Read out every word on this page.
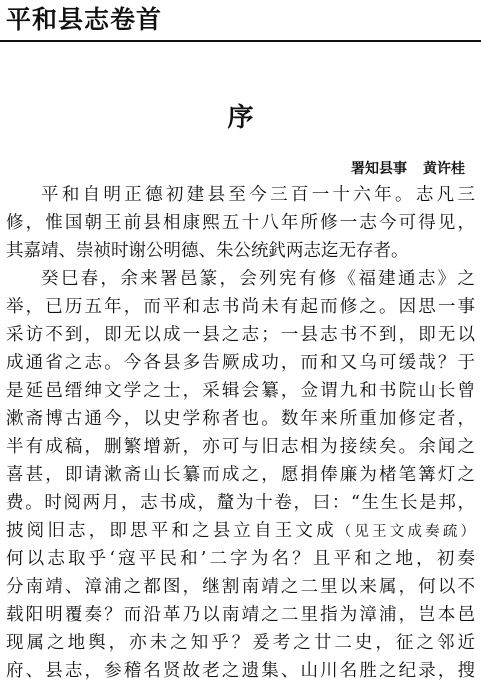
平和县志卷首
序
署知县事 黄许桂
平和自明正德初建县至今三百一十六年。志凡三
修，惟国朝王前县相康熙五十八年所修一志今可得见，
其嘉靖、崇祯时谢公明德、朱公统釴两志迄无存者。
癸巳春，余来署邑篆，会列宪有修《福建通志》之
举，已历五年，而平和志书尚未有起而修之。因思一事
采访不到，即无以成一县之志；一县志书不到，即无以
成通省之志。今各县多告厥成功，而和又乌可缓哉？于
是延邑缙绅文学之士，采辑会纂，佥谓九和书院山长曾
漱斋博古通今，以史学称者也。数年来所重加修定者，
半有成稿，删繁增新，亦可与旧志相为接续矣。余闻之
喜甚，即请漱斋山长纂而成之，愿捐俸廉为楮笔篝灯之
费。时阅两月，志书成，釐为十卷，曰：“生生长是邦，
披阅旧志，即思平和之县立自王文成（见王文成奏疏）
何以志取乎‘寇平民和’二字为名？且平和之地，初奏
分南靖、漳浦之都图，继割南靖之二里以来属，何以不
载阳明覆奏？而沿革乃以南靖之二里指为漳浦，岂本邑
现属之地舆，亦未之知乎？爰考之廿二史，征之邻近
府、县志，参稽名贤故老之遗集、山川名胜之纪录，搜
